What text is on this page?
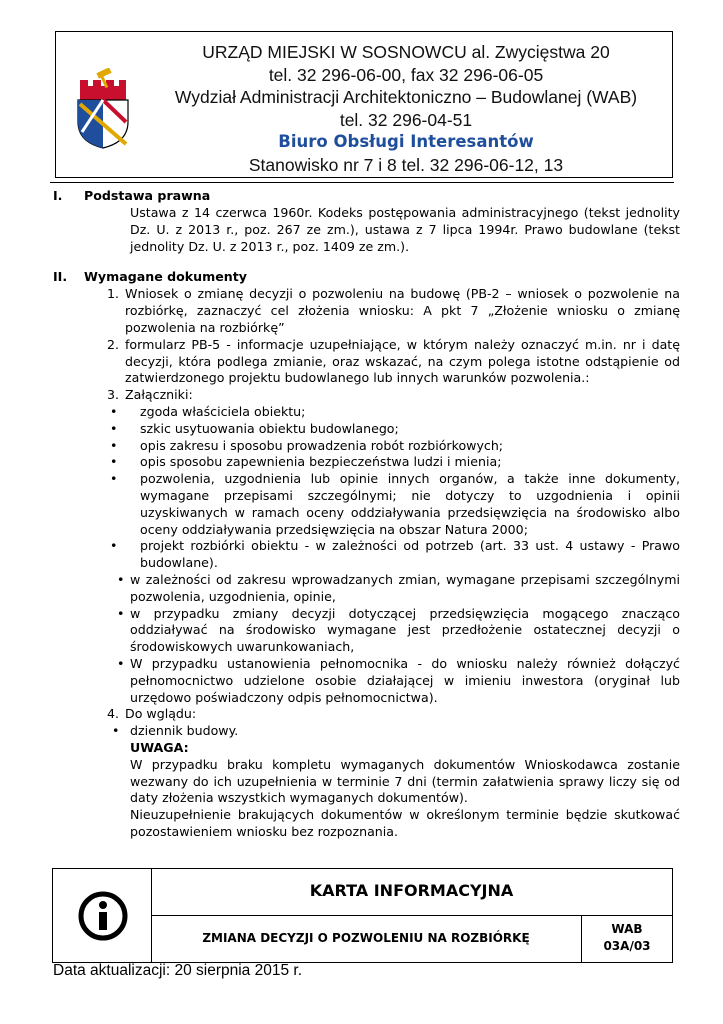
URZĄD MIEJSKI W SOSNOWCU al. Zwycięstwa 20
tel. 32 296-06-00, fax 32 296-06-05
Wydział Administracji Architektoniczno – Budowlanej (WAB)
tel. 32 296-04-51
Biuro Obsługi Interesantów
Stanowisko nr 7 i 8 tel. 32 296-06-12, 13
I. Podstawa prawna
Ustawa z 14 czerwca 1960r. Kodeks postępowania administracyjnego (tekst jednolity Dz. U. z 2013 r., poz. 267 ze zm.), ustawa z 7 lipca 1994r. Prawo budowlane (tekst jednolity Dz. U. z 2013 r., poz. 1409 ze zm.).
II. Wymagane dokumenty
1. Wniosek o zmianę decyzji o pozwoleniu na budowę (PB-2 – wniosek o pozwolenie na rozbiórkę, zaznaczyć cel złożenia wniosku: A pkt 7 „Złożenie wniosku o zmianę pozwolenia na rozbiórkę”
2. formularz PB-5 - informacje uzupełniające, w którym należy oznaczyć m.in. nr i datę decyzji, która podlega zmianie, oraz wskazać, na czym polega istotne odstąpienie od zatwierdzonego projektu budowlanego lub innych warunków pozwolenia.:
3. Załączniki:
• zgoda właściciela obiektu;
• szkic usytuowania obiektu budowlanego;
• opis zakresu i sposobu prowadzenia robót rozbiórkowych;
• opis sposobu zapewnienia bezpieczeństwa ludzi i mienia;
• pozwolenia, uzgodnienia lub opinie innych organów, a także inne dokumenty, wymagane przepisami szczególnymi; nie dotyczy to uzgodnienia i opinii uzyskiwanych w ramach oceny oddziaływania przedsięwzięcia na środowisko albo oceny oddziaływania przedsięwzięcia na obszar Natura 2000;
• projekt rozbiórki obiektu - w zależności od potrzeb (art. 33 ust. 4 ustawy - Prawo budowlane).
• w zależności od zakresu wprowadzanych zmian, wymagane przepisami szczególnymi pozwolenia, uzgodnienia, opinie,
• w przypadku zmiany decyzji dotyczącej przedsięwzięcia mogącego znacząco oddziaływać na środowisko wymagane jest przedłożenie ostatecznej decyzji o środowiskowych uwarunkowaniach,
• W przypadku ustanowienia pełnomocnika - do wniosku należy również dołączyć pełnomocnictwo udzielone osobie działającej w imieniu inwestora (oryginał lub urzędowo poświadczony odpis pełnomocnictwa).
4. Do wglądu:
• dziennik budowy.
UWAGA:
W przypadku braku kompletu wymaganych dokumentów Wnioskodawca zostanie wezwany do ich uzupełnienia w terminie 7 dni (termin załatwienia sprawy liczy się od daty złożenia wszystkich wymaganych dokumentów).
Nieuzupełnienie brakujących dokumentów w określonym terminie będzie skutkować pozostawieniem wniosku bez rozpoznania.
KARTA INFORMACYJNA
ZMIANA DECYZJI O POZWOLENIU NA ROZBIÓRKĘ
WAB
03A/03
Data aktualizacji: 20 sierpnia 2015 r.
